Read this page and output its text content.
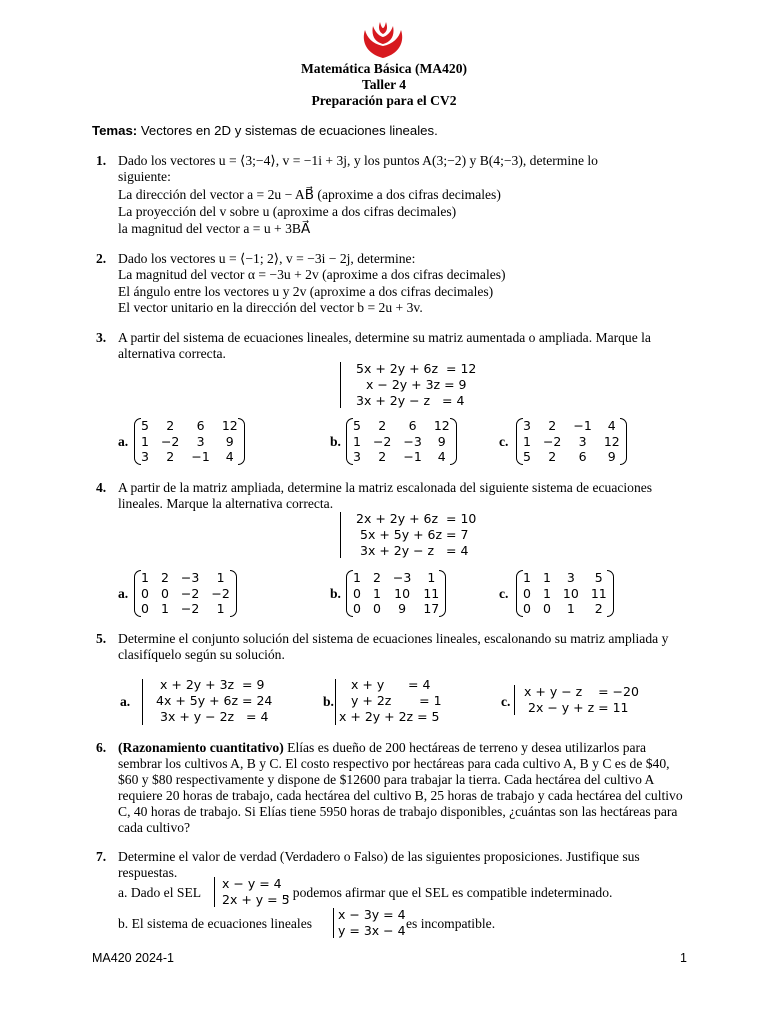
Matemática Básica (MA420)
Taller 4
Preparación para el CV2
Temas: Vectores en 2D y sistemas de ecuaciones lineales.
1. Dado los vectores u = ⟨3;−4⟩, v = −1i + 3j, y los puntos A(3;−2) y B(4;−3), determine lo
siguiente:
La dirección del vector a = 2u − AB⃗ (aproxime a dos cifras decimales)
La proyección del v sobre u (aproxime a dos cifras decimales)
la magnitud del vector a = u + 3BA⃗
2. Dado los vectores u = ⟨−1; 2⟩, v = −3i − 2j, determine:
La magnitud del vector α = −3u + 2v (aproxime a dos cifras decimales)
El ángulo entre los vectores u y 2v (aproxime a dos cifras decimales)
El vector unitario en la dirección del vector b = 2u + 3v.
3. A partir del sistema de ecuaciones lineales, determine su matriz aumentada o ampliada. Marque la
alternativa correcta.
5x + 2y + 6z  = 12
x − 2y + 3z = 9
3x + 2y − z   = 4
a.
5	2	6	12
1	−2	3	9
3	2	−1	4
b.
5	2	6	12
1	−2	−3	9
3	2	−1	4
c.
3	2	−1	4
1	−2	3	12
5	2	6	9
4. A partir de la matriz ampliada, determine la matriz escalonada del siguiente sistema de ecuaciones
lineales. Marque la alternativa correcta.
2x + 2y + 6z  = 10
5x + 5y + 6z = 7
3x + 2y − z   = 4
a.
1	2	−3	1
0	0	−2	−2
0	1	−2	1
b.
1	2	−3	1
0	1	10	11
0	0	9	17
c.
1	1	3	5
0	1	10	11
0	0	1	2
5. Determine el conjunto solución del sistema de ecuaciones lineales, escalonando su matriz ampliada y
clasifíquelo según su solución.
a.
x + 2y + 3z  = 9
4x + 5y + 6z = 24
3x + y − 2z   = 4
b.
x + y      = 4
y + 2z       = 1
x + 2y + 2z = 5
c.
x + y − z    = −20
2x − y + z = 11
6. (Razonamiento cuantitativo) Elías es dueño de 200 hectáreas de terreno y desea utilizarlos para
sembrar los cultivos A, B y C. El costo respectivo por hectáreas para cada cultivo A, B y C es de $40,
$60 y $80 respectivamente y dispone de $12600 para trabajar la tierra. Cada hectárea del cultivo A
requiere 20 horas de trabajo, cada hectárea del cultivo B, 25 horas de trabajo y cada hectárea del cultivo
C, 40 horas de trabajo. Si Elías tiene 5950 horas de trabajo disponibles, ¿cuántas son las hectáreas para
cada cultivo?
7. Determine el valor de verdad (Verdadero o Falso) de las siguientes proposiciones. Justifique sus
respuestas.
a. Dado el SEL
x − y = 4
2x + y = 5
, podemos afirmar que el SEL es compatible indeterminado.
b. El sistema de ecuaciones lineales
x − 3y = 4
y = 3x − 4 es incompatible.
MA420 2024-1	1
